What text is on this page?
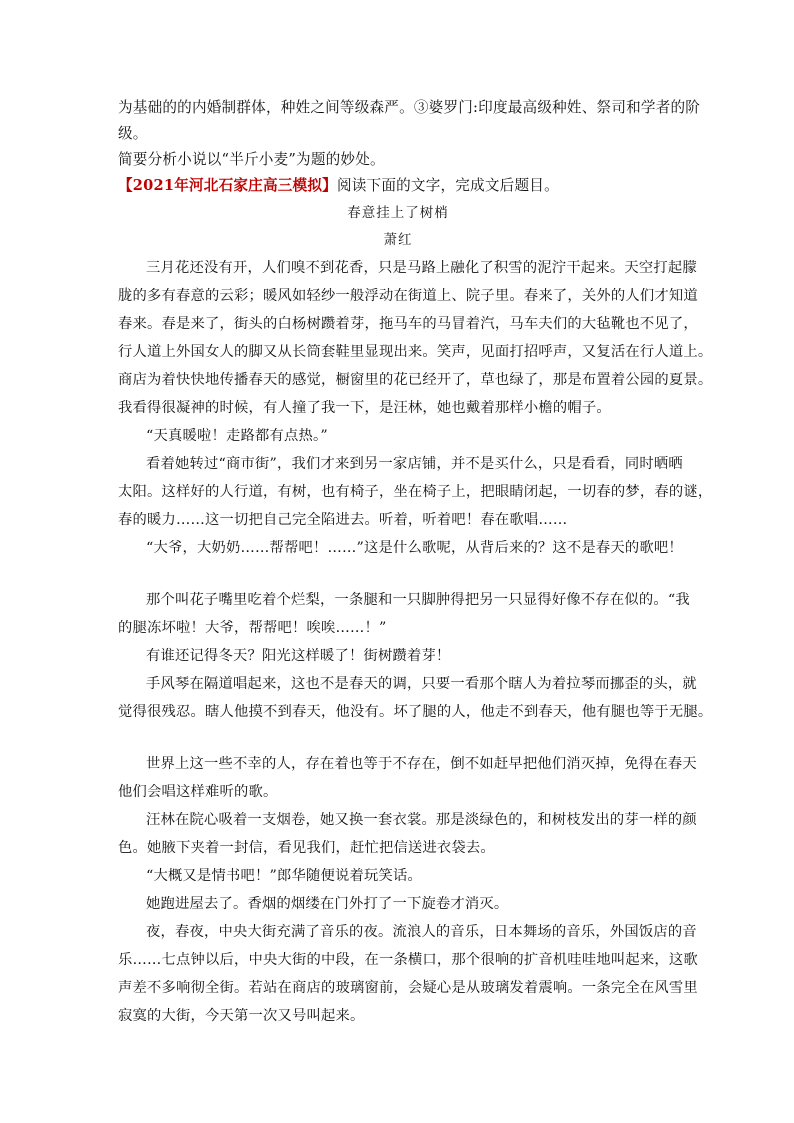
为基础的的内婚制群体，种姓之间等级森严。③婆罗门:印度最高级种姓、祭司和学者的阶
级。
简要分析小说以“半斤小麦”为题的妙处。
【2021年河北石家庄高三模拟】阅读下面的文字，完成文后题目。
春意挂上了树梢
萧红
三月花还没有开，人们嗅不到花香，只是马路上融化了积雪的泥泞干起来。天空打起朦
胧的多有春意的云彩；暖风如轻纱一般浮动在街道上、院子里。春来了，关外的人们才知道
春来。春是来了，街头的白杨树躜着芽，拖马车的马冒着汽，马车夫们的大毡靴也不见了，
行人道上外国女人的脚又从长筒套鞋里显现出来。笑声，见面打招呼声，又复活在行人道上。
商店为着快快地传播春天的感觉，橱窗里的花已经开了，草也绿了，那是布置着公园的夏景。
我看得很凝神的时候，有人撞了我一下，是汪林，她也戴着那样小檐的帽子。
“天真暖啦！走路都有点热。”
看着她转过“商市街”，我们才来到另一家店铺，并不是买什么，只是看看，同时晒晒
太阳。这样好的人行道，有树，也有椅子，坐在椅子上，把眼睛闭起，一切春的梦，春的谜，
春的暖力……这一切把自己完全陷进去。听着，听着吧！春在歌唱……
“大爷，大奶奶……帮帮吧！……”这是什么歌呢，从背后来的？这不是春天的歌吧！
那个叫花子嘴里吃着个烂梨，一条腿和一只脚肿得把另一只显得好像不存在似的。“我
的腿冻坏啦！大爷，帮帮吧！唉唉……！”
有谁还记得冬天？阳光这样暖了！街树躜着芽！
手风琴在隔道唱起来，这也不是春天的调，只要一看那个瞎人为着拉琴而挪歪的头，就
觉得很残忍。瞎人他摸不到春天，他没有。坏了腿的人，他走不到春天，他有腿也等于无腿。
世界上这一些不幸的人，存在着也等于不存在，倒不如赶早把他们消灭掉，免得在春天
他们会唱这样难听的歌。
汪林在院心吸着一支烟卷，她又换一套衣裳。那是淡绿色的，和树枝发出的芽一样的颜
色。她腋下夹着一封信，看见我们，赶忙把信送进衣袋去。
“大概又是情书吧！”郎华随便说着玩笑话。
她跑进屋去了。香烟的烟缕在门外打了一下旋卷才消灭。
夜，春夜，中央大街充满了音乐的夜。流浪人的音乐，日本舞场的音乐，外国饭店的音
乐……七点钟以后，中央大街的中段，在一条横口，那个很响的扩音机哇哇地叫起来，这歌
声差不多响彻全街。若站在商店的玻璃窗前，会疑心是从玻璃发着震响。一条完全在风雪里
寂寞的大街，今天第一次又号叫起来。
